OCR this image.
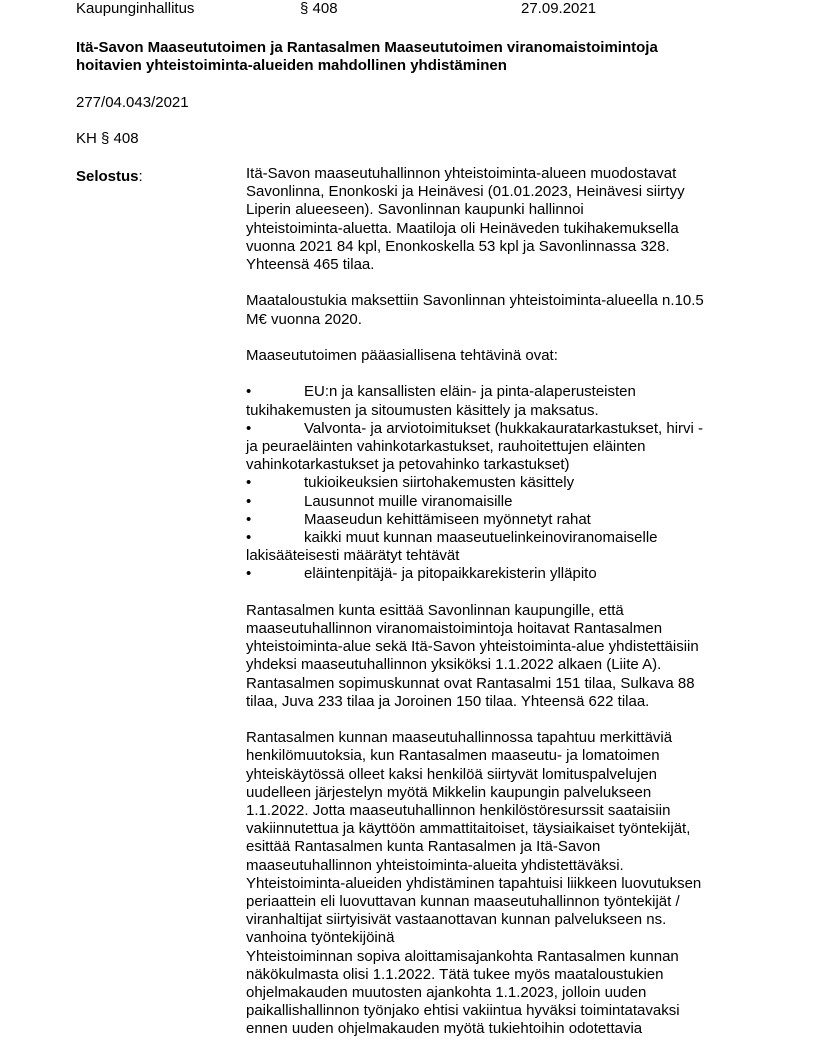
Kaupunginhallitus	§ 408	27.09.2021
Itä-Savon Maaseututoimen ja Rantasalmen Maaseututoimen viranomaistoimintoja
hoitavien yhteistoiminta-alueiden mahdollinen yhdistäminen
277/04.043/2021
KH § 408
Selostus:	Itä-Savon maaseutuhallinnon yhteistoiminta-alueen muodostavat

Savonlinna, Enonkoski ja Heinävesi (01.01.2023, Heinävesi siirtyy

Liperin alueeseen). Savonlinnan kaupunki hallinnoi

yhteistoiminta-aluetta. Maatiloja oli Heinäveden tukihakemuksella

vuonna 2021 84 kpl, Enonkoskella 53 kpl ja Savonlinnassa 328.

Yhteensä 465 tilaa.

Maataloustukia maksettiin Savonlinnan yhteistoiminta-alueella n.10.5

M€ vuonna 2020.

Maaseututoimen pääasiallisena tehtävinä ovat:

•	EU:n ja kansallisten eläin- ja pinta-alaperusteisten
tukihakemusten ja sitoumusten käsittely ja maksatus.
•	Valvonta- ja arviotoimitukset (hukkakauratarkastukset, hirvi -
ja peuraeläinten vahinkotarkastukset, rauhoitettujen eläinten
vahinkotarkastukset ja petovahinko tarkastukset)
•	tukioikeuksien siirtohakemusten käsittely
•	Lausunnot muille viranomaisille
•	Maaseudun kehittämiseen myönnetyt rahat
•	kaikki muut kunnan maaseutuelinkeinoviranomaiselle
lakisääteisesti määrätyt tehtävät
•	eläintenpitäjä- ja pitopaikkarekisterin ylläpito

Rantasalmen kunta esittää Savonlinnan kaupungille, että

maaseutuhallinnon viranomaistoimintoja hoitavat Rantasalmen

yhteistoiminta-alue sekä Itä-Savon yhteistoiminta-alue yhdistettäisiin

yhdeksi maaseutuhallinnon yksiköksi 1.1.2022 alkaen (Liite A).

Rantasalmen sopimuskunnat ovat Rantasalmi 151 tilaa, Sulkava 88

tilaa, Juva 233 tilaa ja Joroinen 150 tilaa. Yhteensä 622 tilaa.

Rantasalmen kunnan maaseutuhallinnossa tapahtuu merkittäviä

henkilömuutoksia, kun Rantasalmen maaseutu- ja lomatoimen

yhteiskäytössä olleet kaksi henkilöä siirtyvät lomituspalvelujen

uudelleen järjestelyn myötä Mikkelin kaupungin palvelukseen

1.1.2022. Jotta maaseutuhallinnon henkilöstöresurssit saataisiin

vakiinnutettua ja käyttöön ammattitaitoiset, täysiaikaiset työntekijät,

esittää Rantasalmen kunta Rantasalmen ja Itä-Savon

maaseutuhallinnon yhteistoiminta-alueita yhdistettäväksi.

Yhteistoiminta-alueiden yhdistäminen tapahtuisi liikkeen luovutuksen

periaattein eli luovuttavan kunnan maaseutuhallinnon työntekijät /

viranhaltijat siirtyisivät vastaanottavan kunnan palvelukseen ns.

vanhoina työntekijöinä

Yhteistoiminnan sopiva aloittamisajankohta Rantasalmen kunnan

näkökulmasta olisi 1.1.2022. Tätä tukee myös maataloustukien

ohjelmakauden muutosten ajankohta 1.1.2023, jolloin uuden

paikallishallinnon työnjako ehtisi vakiintua hyväksi toimintatavaksi

ennen uuden ohjelmakauden myötä tukiehtoihin odotettavia
